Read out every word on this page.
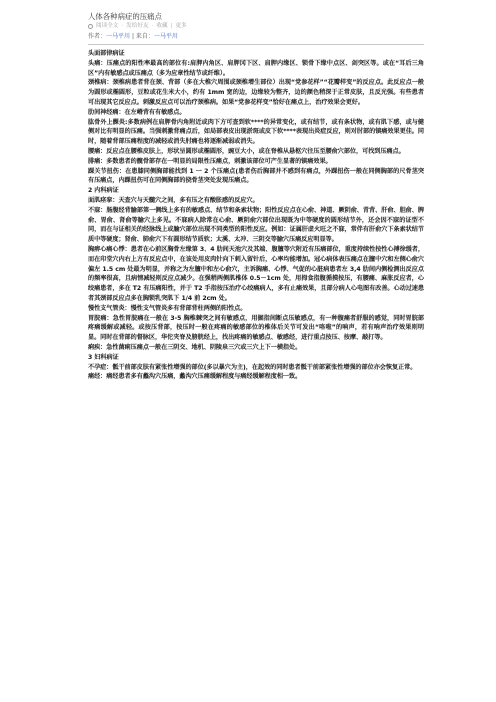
人体各种病症的压痛点
阅读全文 · 发给好友 · 收藏 | 更多
作者：一马平川 | 来自：一马平川

头面部律病证

头痛：压痛点的阳性率最高的部位有:肩胛内角区、肩胛冈下区、肩胛内缘区、锁骨下缘中点区、剑突区等。或在“耳后三角区”内有敏感点或压痛点（多为应章性结节或纤维）。

颈椎病：颈椎病患者背在颈、背部（多在大椎穴周围或颈椎增生部位）出现“党参花样”“花瓣样变”的反应点。此反应点一般为圆形或椭圆形，豆粒或花生米大小，约有 1mm 宽的边，边缘较为整齐，边的颜色稍深于正常皮肤，且反光强。有些患者可出现其它反应点。刺激反应点可以治疗颈椎病。如果“党参花样变”恰好在痛点上，治疗效果会更好。

肋间神经痛：在左嵴背有有敏感点。

肱骨外上髁炎:多数病例在肩胛骨内角附近或肉下方可查到软****的异常变化，或有结节，或有条状物，或有肌下感，或与健侧对比有明显的压痛。当强刺激背痛点后，如局部表皮出现淤斑或皮下软****表现出炎症反应，则对肘部的镇痛效果更佳。同时，随着背部压痛程度的减轻或消失肘痛也将逐渐减弱或消失。

腰痛：反应点在腰椎皮肤上，形状呈圆形或椭圆形，豌豆大小，或在脊椎从悬枢穴往压至腰俞穴部位，可找到压痛点。

腓痛：多数患者的髋骨部存在一明显的局限性压痛点，刺激该部位可产生显著的镇痛效果。

踝关节扭伤：在患膝同侧胸部能找到 1 一 2 个压痛点(患者伤后胸部并不感到有痛点，外踝扭伤一般在同侧胸部的尺骨茎突有压痛点，内踝扭伤可在同侧胸部的挠骨茎突处发现压痛点。

2 内科病证

面肌痉挛：天查穴与天髓穴之间，多有压之有酸胀感的反应穴。

不寐：肠腹经背腧部第一侧线上多有的敏感点、结节和条索状物；阳性反应点在心俞、神道、厥阴俞、青背、肝俞、胆俞、脾俞、胃俞、肾俞等腧穴上多见。不寐病人除常在心俞、厥阴俞穴部位出现既为中等硬度的圆形结节外，还会因不寐的证型不同，而在与证相关的经脉线上或腧穴部位出现不同类型的阳性反应。例如：证属肝虚火旺之不寐，常伴有肝俞穴下条索状结节质中等硬度；肾俞、肺俞穴下有圆形结节质软；太溪、太冲、三阴交等腧穴压痛反应明显等。

胸痹心痛心悸：患者在心前区胸骨左缘第 3、4 肋间天池穴及其端、腹膻等穴附近有压痛部位，重度持续性按性心搏徐缓者，而在印堂穴内右上方有反应点中，在该处用皮肉针向下刺入留针后，心率均能增加。冠心病体表压痛点在膻中穴和左侧心俞穴偏左 1.5 cm 处最为明显，并称之为左膻中和左心俞穴，主诉胸痛、心悸、气促的心脏病患者左 3,4 肋间内侧检测出反应点的频率很高，且病情减轻则反应点减少。在强稍两侧肌椎体 0.5－1cm 处，用拇食指腹循摸按压，有腰痛、麻胀反应者，心绞痛患者，多在 T2 有压痛阳性，并于 T2 手指按压治疗心绞痛病人，多有止痛效果，且部分病人心电图有改善。心动过速患者其颈部反应点多在胸锁乳突肌下 1/4 前 2cm 处。

慢性支气管炎：慢性支气管炎多有背部背柱两侧的阳性点。

胃脘痛：急性胃脘痛在一般在 3-5 胸椎棘突之间有敏感点，用掘指间断点压敏感点，有一种腹痛者舒服的感觉，同时胃脘部疼痛缓解或减轻。或按压背部，按压时一般在疼痛的敏感部位的椎体后关节可发出“咯啦”的响声，若有响声治疗效果则明显。同时在背部的督脉区，华佗夹脊及膀胱经上，找出疼痛的敏感点、敏感经，进行重点按压、按摩、敲打等。

痢疾：急性菌痢压痛点一般在三阴交、地机、阴陵泉三穴或三穴上下一横指处。

3 妇科病证

不孕症：骶干前部皮肤有紧张性增强的部位(多以暴穴为主)，在起效的同时患者骶干前部紧张性增强的部位亦会恢复正常。

痛经：痛经患者多有蠡沟穴压痛，蠡沟穴压痛缓解程度与痛经缓解程度相一致。
